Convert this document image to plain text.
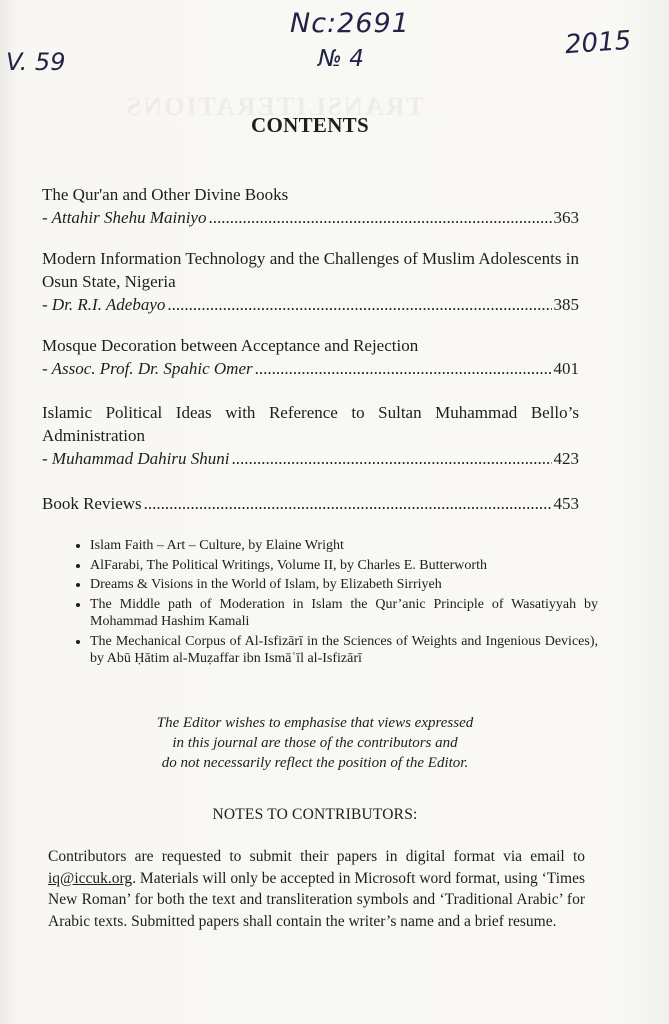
Nc:2691
№ 4
V. 59
2015
CONTENTS
The Qur'an and Other Divine Books
- Attahir Shehu Mainiyo .....	363
Modern Information Technology and the Challenges of Muslim Adolescents in Osun State, Nigeria
- Dr. R.I. Adebayo .....	385
Mosque Decoration between Acceptance and Rejection
- Assoc. Prof. Dr. Spahic Omer .....	401
Islamic Political Ideas with Reference to Sultan Muhammad Bello’s Administration
- Muhammad Dahiru Shuni .....	423
Book Reviews .....	453
• Islam Faith – Art – Culture, by Elaine Wright
• AlFarabi, The Political Writings, Volume II, by Charles E. Butterworth
• Dreams & Visions in the World of Islam, by Elizabeth Sirriyeh
• The Middle path of Moderation in Islam the Qur’anic Principle of Wasatiyyah by Mohammad Hashim Kamali
• The Mechanical Corpus of Al-Isfizārī in the Sciences of Weights and Ingenious Devices), by Abū Ḥātim al-Muẓaffar ibn Ismāʿīl al-Isfizārī
The Editor wishes to emphasise that views expressed
in this journal are those of the contributors and
do not necessarily reflect the position of the Editor.
NOTES TO CONTRIBUTORS:
Contributors are requested to submit their papers in digital format via email to iq@iccuk.org. Materials will only be accepted in Microsoft word format, using ‘Times New Roman’ for both the text and transliteration symbols and ‘Traditional Arabic’ for Arabic texts. Submitted papers shall contain the writer’s name and a brief resume.
